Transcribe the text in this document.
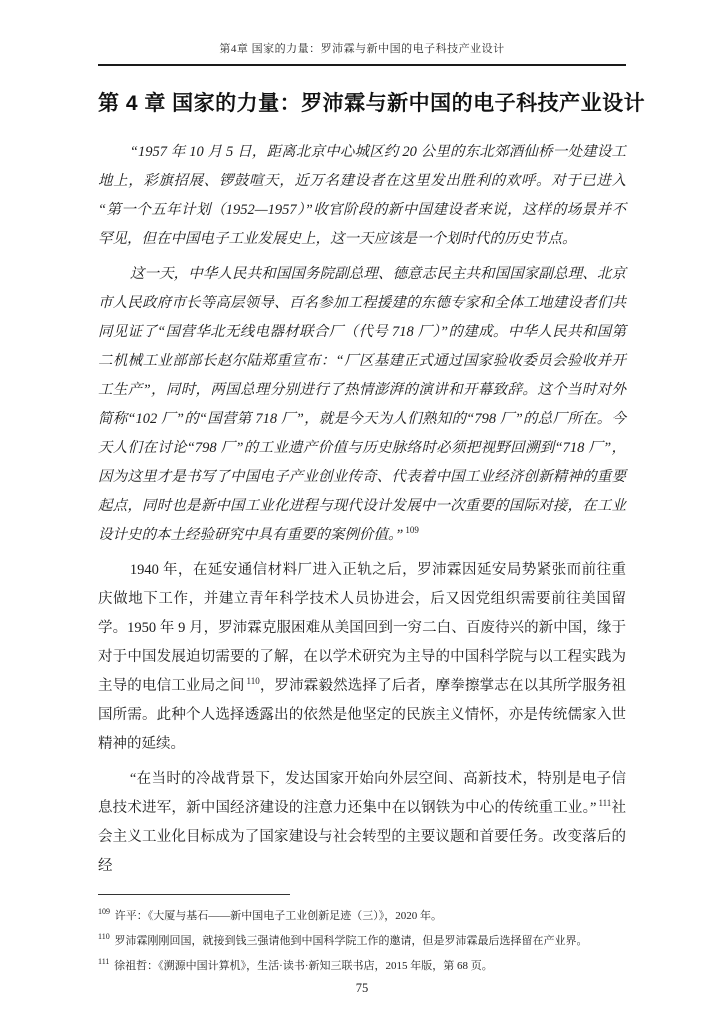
第4章 国家的力量：罗沛霖与新中国的电子科技产业设计
第 4 章 国家的力量：罗沛霖与新中国的电子科技产业设计

“1957 年 10 月 5 日，距离北京中心城区约 20 公里的东北郊酒仙桥一处建设工地上，彩旗招展、锣鼓喧天，近万名建设者在这里发出胜利的欢呼。对于已进入“第一个五年计划（1952—1957）”收官阶段的新中国建设者来说，这样的场景并不罕见，但在中国电子工业发展史上，这一天应该是一个划时代的历史节点。

这一天，中华人民共和国国务院副总理、德意志民主共和国国家副总理、北京市人民政府市长等高层领导、百名参加工程援建的东德专家和全体工地建设者们共同见证了“国营华北无线电器材联合厂（代号 718 厂）”的建成。中华人民共和国第二机械工业部部长赵尔陆郑重宣布：“厂区基建正式通过国家验收委员会验收并开工生产”，同时，两国总理分别进行了热情澎湃的演讲和开幕致辞。这个当时对外简称“102 厂”的“国营第 718 厂”，就是今天为人们熟知的“798 厂”的总厂所在。今天人们在讨论“798 厂”的工业遗产价值与历史脉络时必须把视野回溯到“718 厂”，因为这里才是书写了中国电子产业创业传奇、代表着中国工业经济创新精神的重要起点，同时也是新中国工业化进程与现代设计发展中一次重要的国际对接，在工业设计史的本土经验研究中具有重要的案例价值。” $^{109}$

1940 年，在延安通信材料厂进入正轨之后，罗沛霖因延安局势紧张而前往重庆做地下工作，并建立青年科学技术人员协进会，后又因党组织需要前往美国留学。1950 年 9 月，罗沛霖克服困难从美国回到一穷二白、百废待兴的新中国，缘于对于中国发展迫切需要的了解，在以学术研究为主导的中国科学院与以工程实践为主导的电信工业局之间 $^{110}$，罗沛霖毅然选择了后者，摩拳擦掌志在以其所学服务祖国所需。此种个人选择透露出的依然是他坚定的民族主义情怀，亦是传统儒家入世精神的延续。

“在当时的冷战背景下，发达国家开始向外层空间、高新技术，特别是电子信息技术进军，新中国经济建设的注意力还集中在以钢铁为中心的传统重工业。” $^{111}$社会主义工业化目标成为了国家建设与社会转型的主要议题和首要任务。改变落后的经

$^{109}$ 许平：《大厦与基石——新中国电子工业创新足迹（三）》，2020 年。
$^{110}$ 罗沛霖刚刚回国，就接到钱三强请他到中国科学院工作的邀请，但是罗沛霖最后选择留在产业界。
$^{111}$ 徐祖哲：《溯源中国计算机》，生活·读书·新知三联书店，2015 年版，第 68 页。
75
